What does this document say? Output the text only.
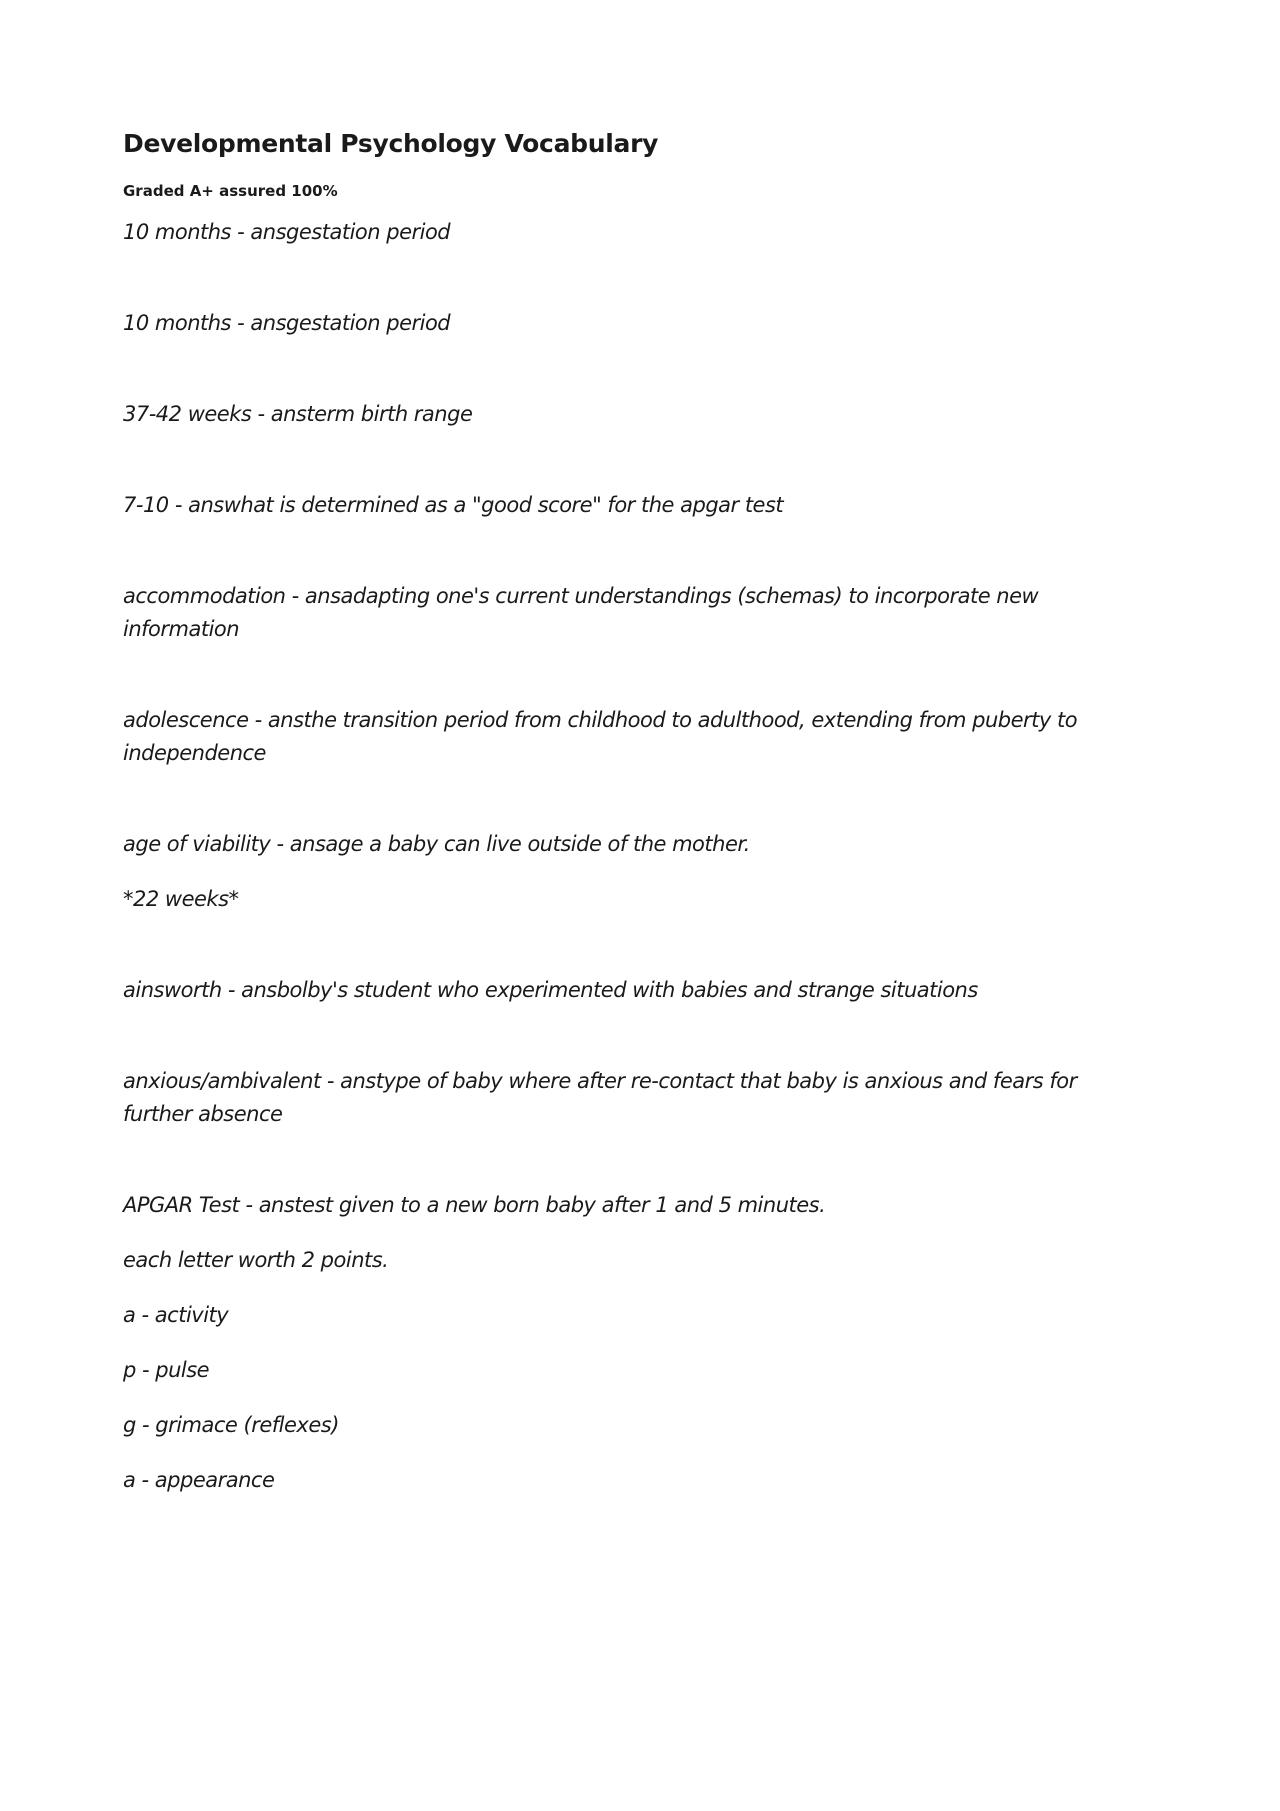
Developmental Psychology Vocabulary

Graded A+ assured 100%

10 months - ansgestation period

10 months - ansgestation period

37-42 weeks - ansterm birth range

7-10 - answhat is determined as a "good score" for the apgar test

accommodation - ansadapting one's current understandings (schemas) to incorporate new information

adolescence - ansthe transition period from childhood to adulthood, extending from puberty to independence

age of viability - ansage a baby can live outside of the mother.

*22 weeks*

ainsworth - ansbolby's student who experimented with babies and strange situations

anxious/ambivalent - anstype of baby where after re-contact that baby is anxious and fears for further absence

APGAR Test - anstest given to a new born baby after 1 and 5 minutes.

each letter worth 2 points.

a - activity

p - pulse

g - grimace (reflexes)

a - appearance
